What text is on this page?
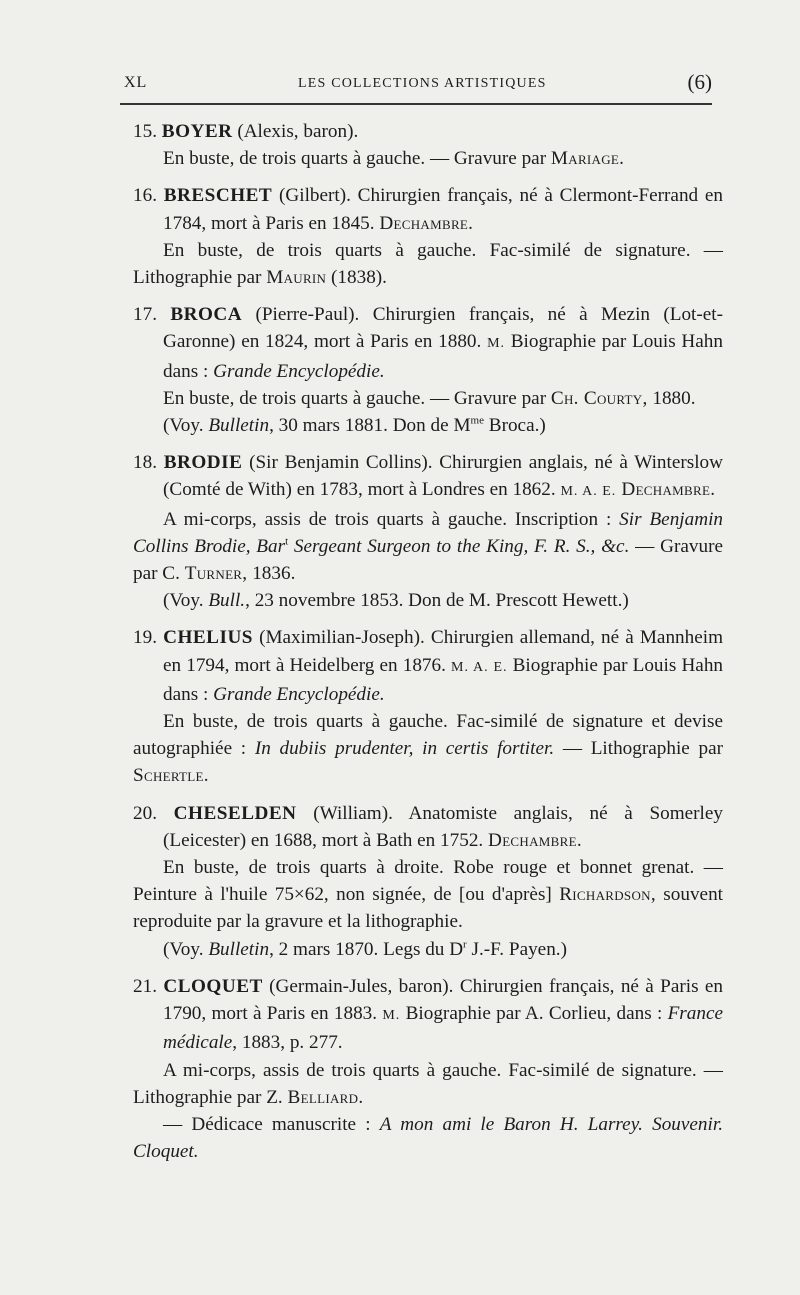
XL	LES COLLECTIONS ARTISTIQUES	(6)

15. BOYER (Alexis, baron).

En buste, de trois quarts à gauche. — Gravure par Mariage.

16. BRESCHET (Gilbert). Chirurgien français, né à Clermont-Ferrand en 1784, mort à Paris en 1845. Dechambre.

En buste, de trois quarts à gauche. Fac-similé de signature. — Lithographie par Maurin (1838).

17. BROCA (Pierre-Paul). Chirurgien français, né à Mezin (Lot-et-Garonne) en 1824, mort à Paris en 1880. M. Biographie par Louis Hahn dans : Grande Encyclopédie.

En buste, de trois quarts à gauche. — Gravure par Ch. Courty, 1880.

(Voy. Bulletin, 30 mars 1881. Don de $M^{me}$ Broca.)

18. BRODIE (Sir Benjamin Collins). Chirurgien anglais, né à Winterslow (Comté de With) en 1783, mort à Londres en 1862. M. A. E. Dechambre.

A mi-corps, assis de trois quarts à gauche. Inscription : Sir Benjamin Collins Brodie, Bar$^t$ Sergeant Surgeon to the King, F. R. S., &c. — Gravure par C. Turner, 1836.

(Voy. Bull., 23 novembre 1853. Don de M. Prescott Hewett.)

19. CHELIUS (Maximilian-Joseph). Chirurgien allemand, né à Mannheim en 1794, mort à Heidelberg en 1876. M. A. E. Biographie par Louis Hahn dans : Grande Encyclopédie.

En buste, de trois quarts à gauche. Fac-similé de signature et devise autographiée : In dubiis prudenter, in certis fortiter. — Lithographie par Schertle.

20. CHESELDEN (William). Anatomiste anglais, né à Somerley (Leicester) en 1688, mort à Bath en 1752. Dechambre.

En buste, de trois quarts à droite. Robe rouge et bonnet grenat. — Peinture à l'huile 75×62, non signée, de [ou d'après] Richardson, souvent reproduite par la gravure et la lithographie.

(Voy. Bulletin, 2 mars 1870. Legs du $D^r$ J.-F. Payen.)

21. CLOQUET (Germain-Jules, baron). Chirurgien français, né à Paris en 1790, mort à Paris en 1883. M. Biographie par A. Corlieu, dans : France médicale, 1883, p. 277.

A mi-corps, assis de trois quarts à gauche. Fac-similé de signature. — Lithographie par Z. Belliard.

— Dédicace manuscrite : A mon ami le Baron H. Larrey. Souvenir. Cloquet.
